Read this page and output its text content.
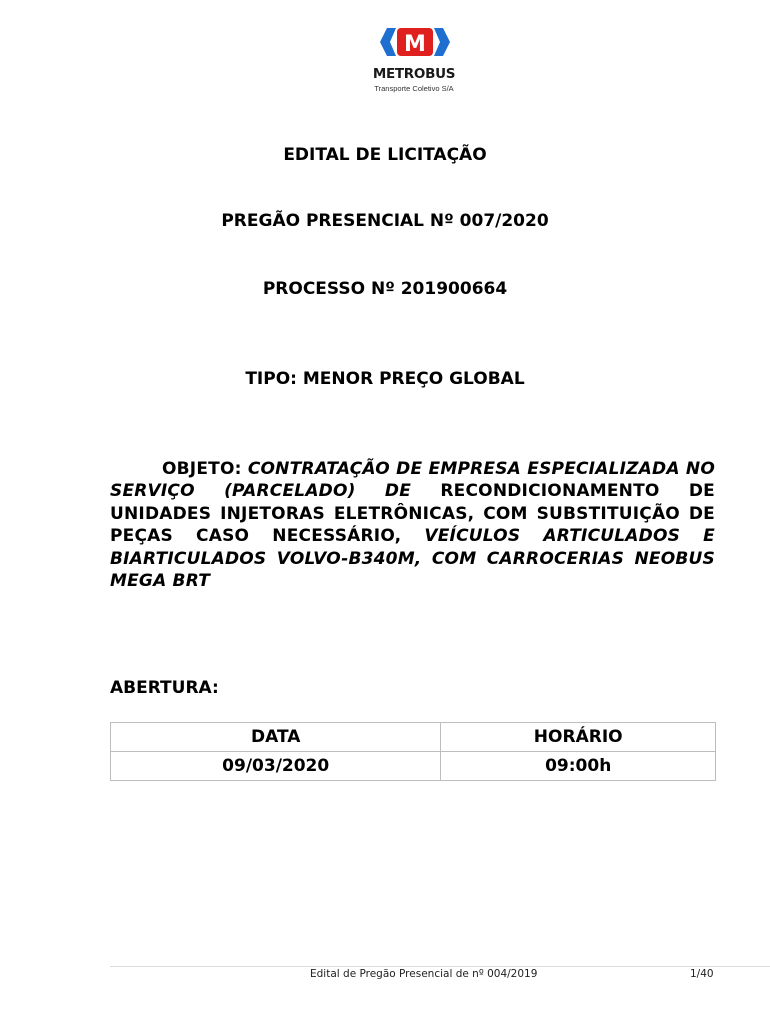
M
METROBUS
Transporte Coletivo S/A
EDITAL DE LICITAÇÃO
PREGÃO PRESENCIAL Nº 007/2020
PROCESSO Nº 201900664
TIPO: MENOR PREÇO GLOBAL
OBJETO: CONTRATAÇÃO DE EMPRESA ESPECIALIZADA NO SERVIÇO (PARCELADO) DE RECONDICIONAMENTO DE UNIDADES INJETORAS ELETRÔNICAS, COM SUBSTITUIÇÃO DE PEÇAS CASO NECESSÁRIO, VEÍCULOS ARTICULADOS E BIARTICULADOS VOLVO-B340M, COM CARROCERIAS NEOBUS MEGA BRT
ABERTURA:
DATA	HORÁRIO
09/03/2020	09:00h
Edital de Pregão Presencial de nº 004/2019	1/40
